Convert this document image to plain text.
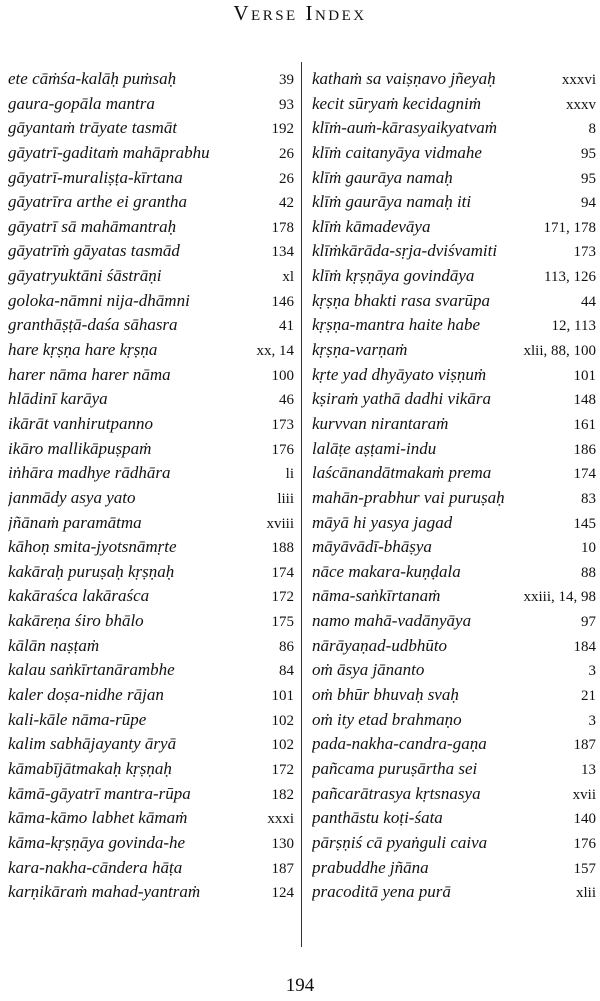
Verse Index
ete cāṁśa-kalāḥ puṁsaḥ	39
gaura-gopāla mantra	93
gāyantaṁ trāyate tasmāt	192
gāyatrī-gaditaṁ mahāprabhu	26
gāyatrī-muraliṣṭa-kīrtana	26
gāyatrīra arthe ei grantha	42
gāyatrī sā mahāmantraḥ	178
gāyatrīṁ gāyatas tasmād	134
gāyatryuktāni śāstrāṇi	xl
goloka-nāmni nija-dhāmni	146
granthāṣṭā-daśa sāhasra	41
hare kṛṣṇa hare kṛṣṇa	xx, 14
harer nāma harer nāma	100
hlādinī karāya	46
ikārāt vanhirutpanno	173
ikāro mallikāpuṣpaṁ	176
iṅhāra madhye rādhāra	li
janmādy asya yato	liii
jñānaṁ paramātma	xviii
kāhoṇ smita-jyotsnāmṛte	188
kakāraḥ puruṣaḥ kṛṣṇaḥ	174
kakāraśca lakāraśca	172
kakāreṇa śiro bhālo	175
kālān naṣṭaṁ	86
kalau saṅkīrtanārambhe	84
kaler doṣa-nidhe rājan	101
kali-kāle nāma-rūpe	102
kalim sabhājayanty āryā	102
kāmabījātmakaḥ kṛṣṇaḥ	172
kāmā-gāyatrī mantra-rūpa	182
kāma-kāmo labhet kāmaṁ	xxxi
kāma-kṛṣṇāya govinda-he	130
kara-nakha-cāndera hāṭa	187
karṇikāraṁ mahad-yantraṁ	124
kathaṁ sa vaiṣṇavo jñeyaḥ	xxxvi
kecit sūryaṁ kecidagniṁ	xxxv
klīṁ-auṁ-kārasyaikyatvaṁ	8
klīṁ caitanyāya vidmahe	95
klīṁ gaurāya namaḥ	95
klīṁ gaurāya namaḥ iti	94
klīṁ kāmadevāya	171, 178
klīṁkārāda-sṛja-dviśvamiti	173
klīṁ kṛṣṇāya govindāya	113, 126
kṛṣṇa bhakti rasa svarūpa	44
kṛṣṇa-mantra haite habe	12, 113
kṛṣṇa-varṇaṁ	xlii, 88, 100
kṛte yad dhyāyato viṣṇuṁ	101
kṣiraṁ yathā dadhi vikāra	148
kurvvan nirantaraṁ	161
lalāṭe aṣṭami-indu	186
laścānandātmakaṁ prema	174
mahān-prabhur vai puruṣaḥ	83
māyā hi yasya jagad	145
māyāvādī-bhāṣya	10
nāce makara-kuṇḍala	88
nāma-saṅkīrtanaṁ	xxiii, 14, 98
namo mahā-vadānyāya	97
nārāyaṇad-udbhūto	184
oṁ āsya jānanto	3
oṁ bhūr bhuvaḥ svaḥ	21
oṁ ity etad brahmaṇo	3
pada-nakha-candra-gaṇa	187
pañcama puruṣārtha sei	13
pañcarātrasya kṛtsnasya	xvii
panthāstu koṭi-śata	140
pārṣṇiś cā pyaṅguli caiva	176
prabuddhe jñāna	157
pracoditā yena purā	xlii
194
